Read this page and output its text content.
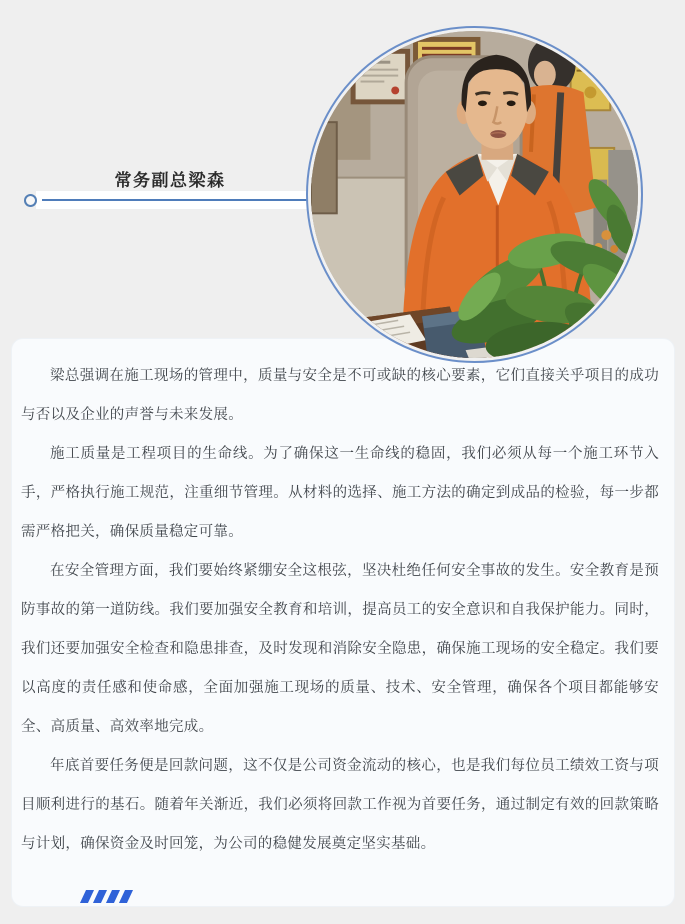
常务副总梁森

梁总强调在施工现场的管理中，质量与安全是不可或缺的核心要素，它们直接关乎项目的成功与否以及企业的声誉与未来发展。

施工质量是工程项目的生命线。为了确保这一生命线的稳固，我们必须从每一个施工环节入手，严格执行施工规范，注重细节管理。从材料的选择、施工方法的确定到成品的检验，每一步都需严格把关，确保质量稳定可靠。

在安全管理方面，我们要始终紧绷安全这根弦，坚决杜绝任何安全事故的发生。安全教育是预防事故的第一道防线。我们要加强安全教育和培训，提高员工的安全意识和自我保护能力。同时，我们还要加强安全检查和隐患排查，及时发现和消除安全隐患，确保施工现场的安全稳定。我们要以高度的责任感和使命感，全面加强施工现场的质量、技术、安全管理，确保各个项目都能够安全、高质量、高效率地完成。

年底首要任务便是回款问题，这不仅是公司资金流动的核心，也是我们每位员工绩效工资与项目顺利进行的基石。随着年关渐近，我们必须将回款工作视为首要任务，通过制定有效的回款策略与计划，确保资金及时回笼，为公司的稳健发展奠定坚实基础。
